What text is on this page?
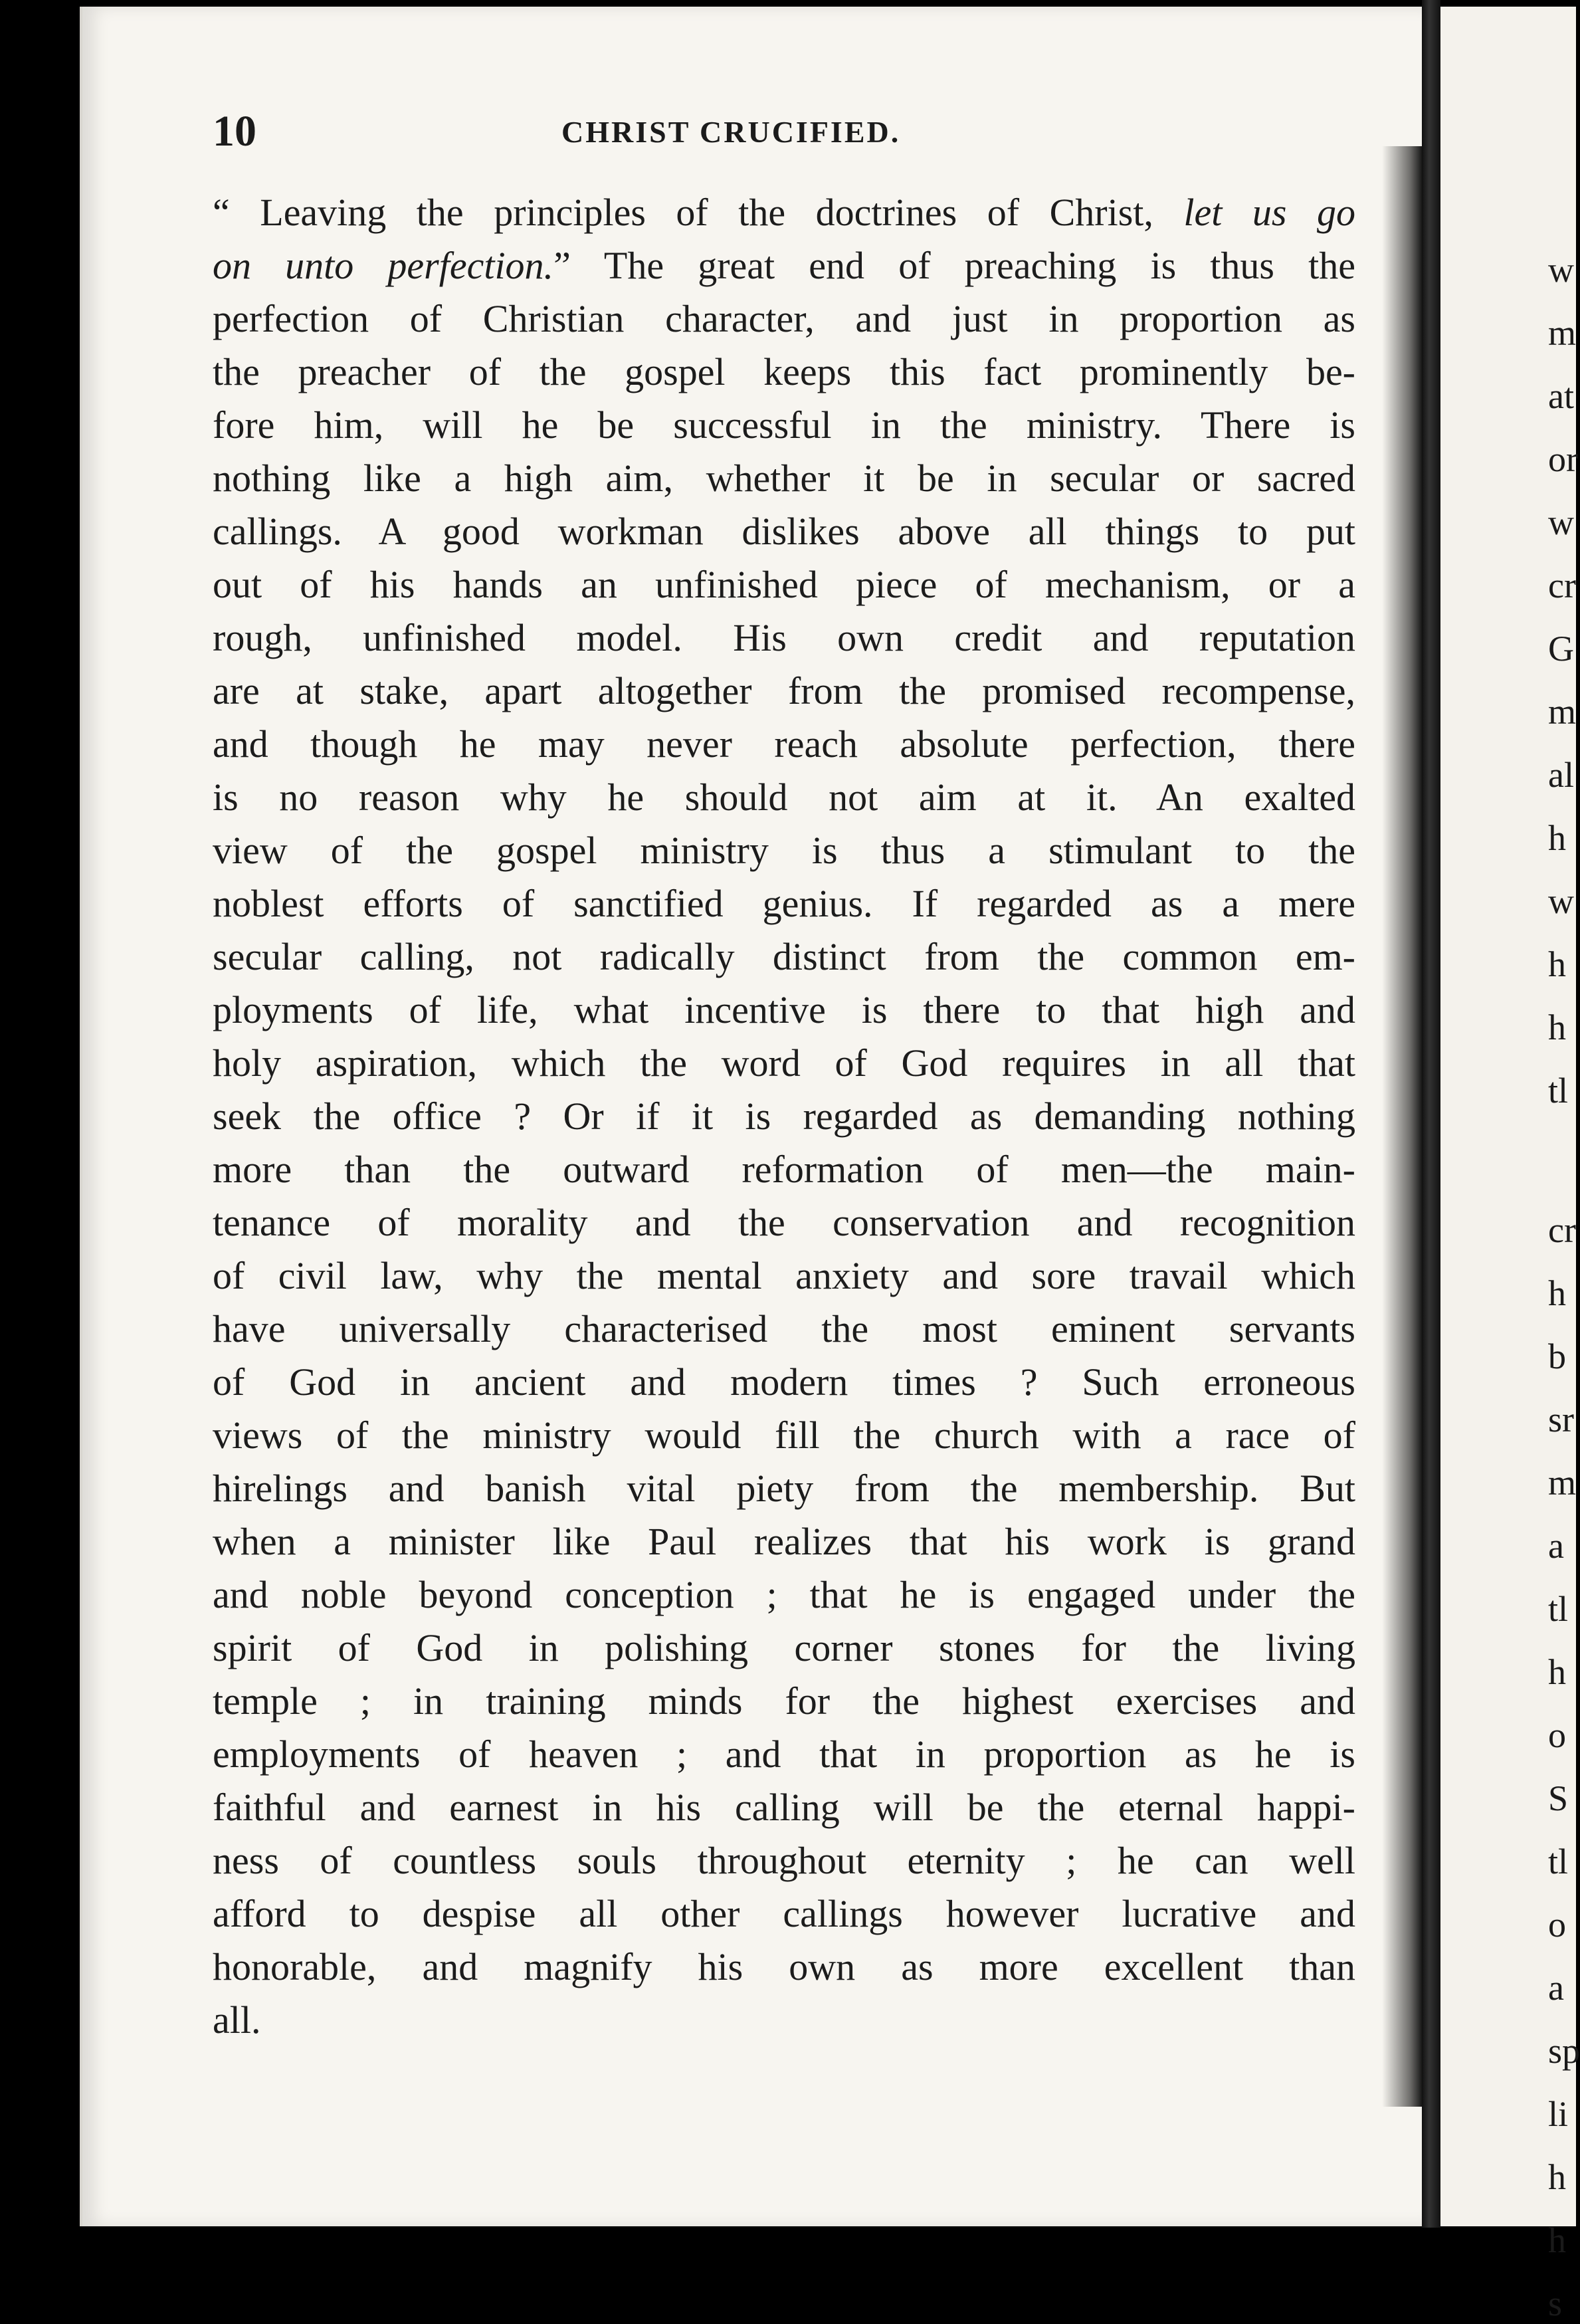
w
m
at
or
w
cr
G
m
al
h
w
h
h
tl
cr
h
b
sr
m
a
tl
h
o
S
tl
o
a
sp
li
h
h
s
10	CHRIST CRUCIFIED.
“ Leaving the principles of the doctrines of Christ, let us go
on unto perfection.” The great end of preaching is thus the
perfection of Christian character, and just in proportion as
the preacher of the gospel keeps this fact prominently be-
fore him, will he be successful in the ministry. There is
nothing like a high aim, whether it be in secular or sacred
callings. A good workman dislikes above all things to put
out of his hands an unfinished piece of mechanism, or a
rough, unfinished model. His own credit and reputation
are at stake, apart altogether from the promised recompense,
and though he may never reach absolute perfection, there
is no reason why he should not aim at it. An exalted
view of the gospel ministry is thus a stimulant to the
noblest efforts of sanctified genius. If regarded as a mere
secular calling, not radically distinct from the common em-
ployments of life, what incentive is there to that high and
holy aspiration, which the word of God requires in all that
seek the office ? Or if it is regarded as demanding nothing
more than the outward reformation of men—the main-
tenance of morality and the conservation and recognition
of civil law, why the mental anxiety and sore travail which
have universally characterised the most eminent servants
of God in ancient and modern times ? Such erroneous
views of the ministry would fill the church with a race of
hirelings and banish vital piety from the membership. But
when a minister like Paul realizes that his work is grand
and noble beyond conception ; that he is engaged under the
spirit of God in polishing corner stones for the living
temple ; in training minds for the highest exercises and
employments of heaven ; and that in proportion as he is
faithful and earnest in his calling will be the eternal happi-
ness of countless souls throughout eternity ; he can well
afford to despise all other callings however lucrative and
honorable, and magnify his own as more excellent than
all.
